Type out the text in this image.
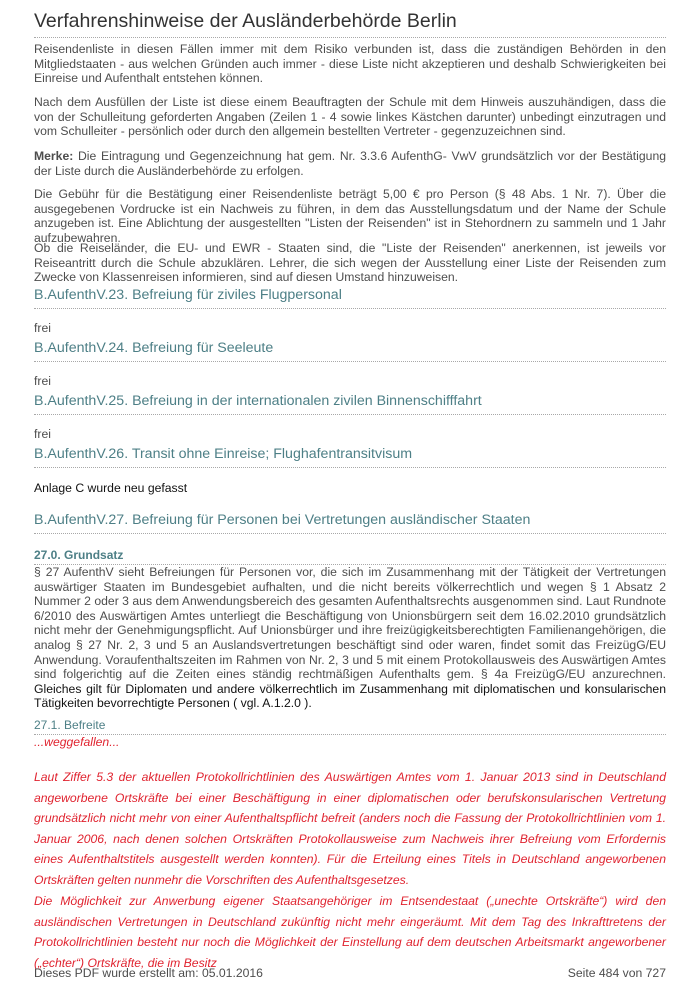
Verfahrenshinweise der Ausländerbehörde Berlin

Reisendenliste in diesen Fällen immer mit dem Risiko verbunden ist, dass die zuständigen Behörden in den Mitgliedstaaten - aus welchen Gründen auch immer - diese Liste nicht akzeptieren und deshalb Schwierigkeiten bei Einreise und Aufenthalt entstehen können.

Nach dem Ausfüllen der Liste ist diese einem Beauftragten der Schule mit dem Hinweis auszuhändigen, dass die von der Schulleitung geforderten Angaben (Zeilen 1 - 4 sowie linkes Kästchen darunter) unbedingt einzutragen und vom Schulleiter - persönlich oder durch den allgemein bestellten Vertreter - gegenzuzeichnen sind.

Merke: Die Eintragung und Gegenzeichnung hat gem. Nr. 3.3.6 AufenthG- VwV grundsätzlich vor der Bestätigung der Liste durch die Ausländerbehörde zu erfolgen.

Die Gebühr für die Bestätigung einer Reisendenliste beträgt 5,00 € pro Person (§ 48 Abs. 1 Nr. 7). Über die ausgegebenen Vordrucke ist ein Nachweis zu führen, in dem das Ausstellungsdatum und der Name der Schule anzugeben ist. Eine Ablichtung der ausgestellten "Listen der Reisenden" ist in Stehordnern zu sammeln und 1 Jahr aufzubewahren.

Ob die Reiseländer, die EU- und EWR - Staaten sind, die "Liste der Reisenden" anerkennen, ist jeweils vor Reiseantritt durch die Schule abzuklären. Lehrer, die sich wegen der Ausstellung einer Liste der Reisenden zum Zwecke von Klassenreisen informieren, sind auf diesen Umstand hinzuweisen.

B.AufenthV.23. Befreiung für ziviles Flugpersonal
frei
B.AufenthV.24. Befreiung für Seeleute
frei
B.AufenthV.25. Befreiung in der internationalen zivilen Binnenschifffahrt
frei
B.AufenthV.26. Transit ohne Einreise; Flughafentransitvisum
Anlage C wurde neu gefasst
B.AufenthV.27. Befreiung für Personen bei Vertretungen ausländischer Staaten
27.0. Grundsatz

§ 27 AufenthV sieht Befreiungen für Personen vor, die sich im Zusammenhang mit der Tätigkeit der Vertretungen auswärtiger Staaten im Bundesgebiet aufhalten, und die nicht bereits völkerrechtlich und wegen § 1 Absatz 2 Nummer 2 oder 3 aus dem Anwendungsbereich des gesamten Aufenthaltsrechts ausgenommen sind. Laut Rundnote 6/2010 des Auswärtigen Amtes unterliegt die Beschäftigung von Unionsbürgern seit dem 16.02.2010 grundsätzlich nicht mehr der Genehmigungspflicht. Auf Unionsbürger und ihre freizügigkeitsberechtigten Familienangehörigen, die analog § 27 Nr. 2, 3 und 5 an Auslandsvertretungen beschäftigt sind oder waren, findet somit das FreizügG/EU Anwendung. Voraufenthaltszeiten im Rahmen von Nr. 2, 3 und 5 mit einem Protokollausweis des Auswärtigen Amtes sind folgerichtig auf die Zeiten eines ständig rechtmäßigen Aufenthalts gem. § 4a FreizügG/EU anzurechnen. Gleiches gilt für Diplomaten und andere völkerrechtlich im Zusammenhang mit diplomatischen und konsularischen Tätigkeiten bevorrechtigte Personen ( vgl. A.1.2.0 ).

27.1. Befreite

...weggefallen...

Laut Ziffer 5.3 der aktuellen Protokollrichtlinien des Auswärtigen Amtes vom 1. Januar 2013 sind in Deutschland angeworbene Ortskräfte bei einer Beschäftigung in einer diplomatischen oder berufskonsularischen Vertretung grundsätzlich nicht mehr von einer Aufenthaltspflicht befreit (anders noch die Fassung der Protokollrichtlinien vom 1. Januar 2006, nach denen solchen Ortskräften Protokollausweise zum Nachweis ihrer Befreiung vom Erfordernis eines Aufenthaltstitels ausgestellt werden konnten). Für die Erteilung eines Titels in Deutschland angeworbenen Ortskräften gelten nunmehr die Vorschriften des Aufenthaltsgesetzes.

Die Möglichkeit zur Anwerbung eigener Staatsangehöriger im Entsendestaat („unechte Ortskräfte“) wird den ausländischen Vertretungen in Deutschland zukünftig nicht mehr eingeräumt. Mit dem Tag des Inkrafttretens der Protokollrichtlinien besteht nur noch die Möglichkeit der Einstellung auf dem deutschen Arbeitsmarkt angeworbener („echter“) Ortskräfte, die im Besitz

Dieses PDF wurde erstellt am: 05.01.2016	Seite 484 von 727
